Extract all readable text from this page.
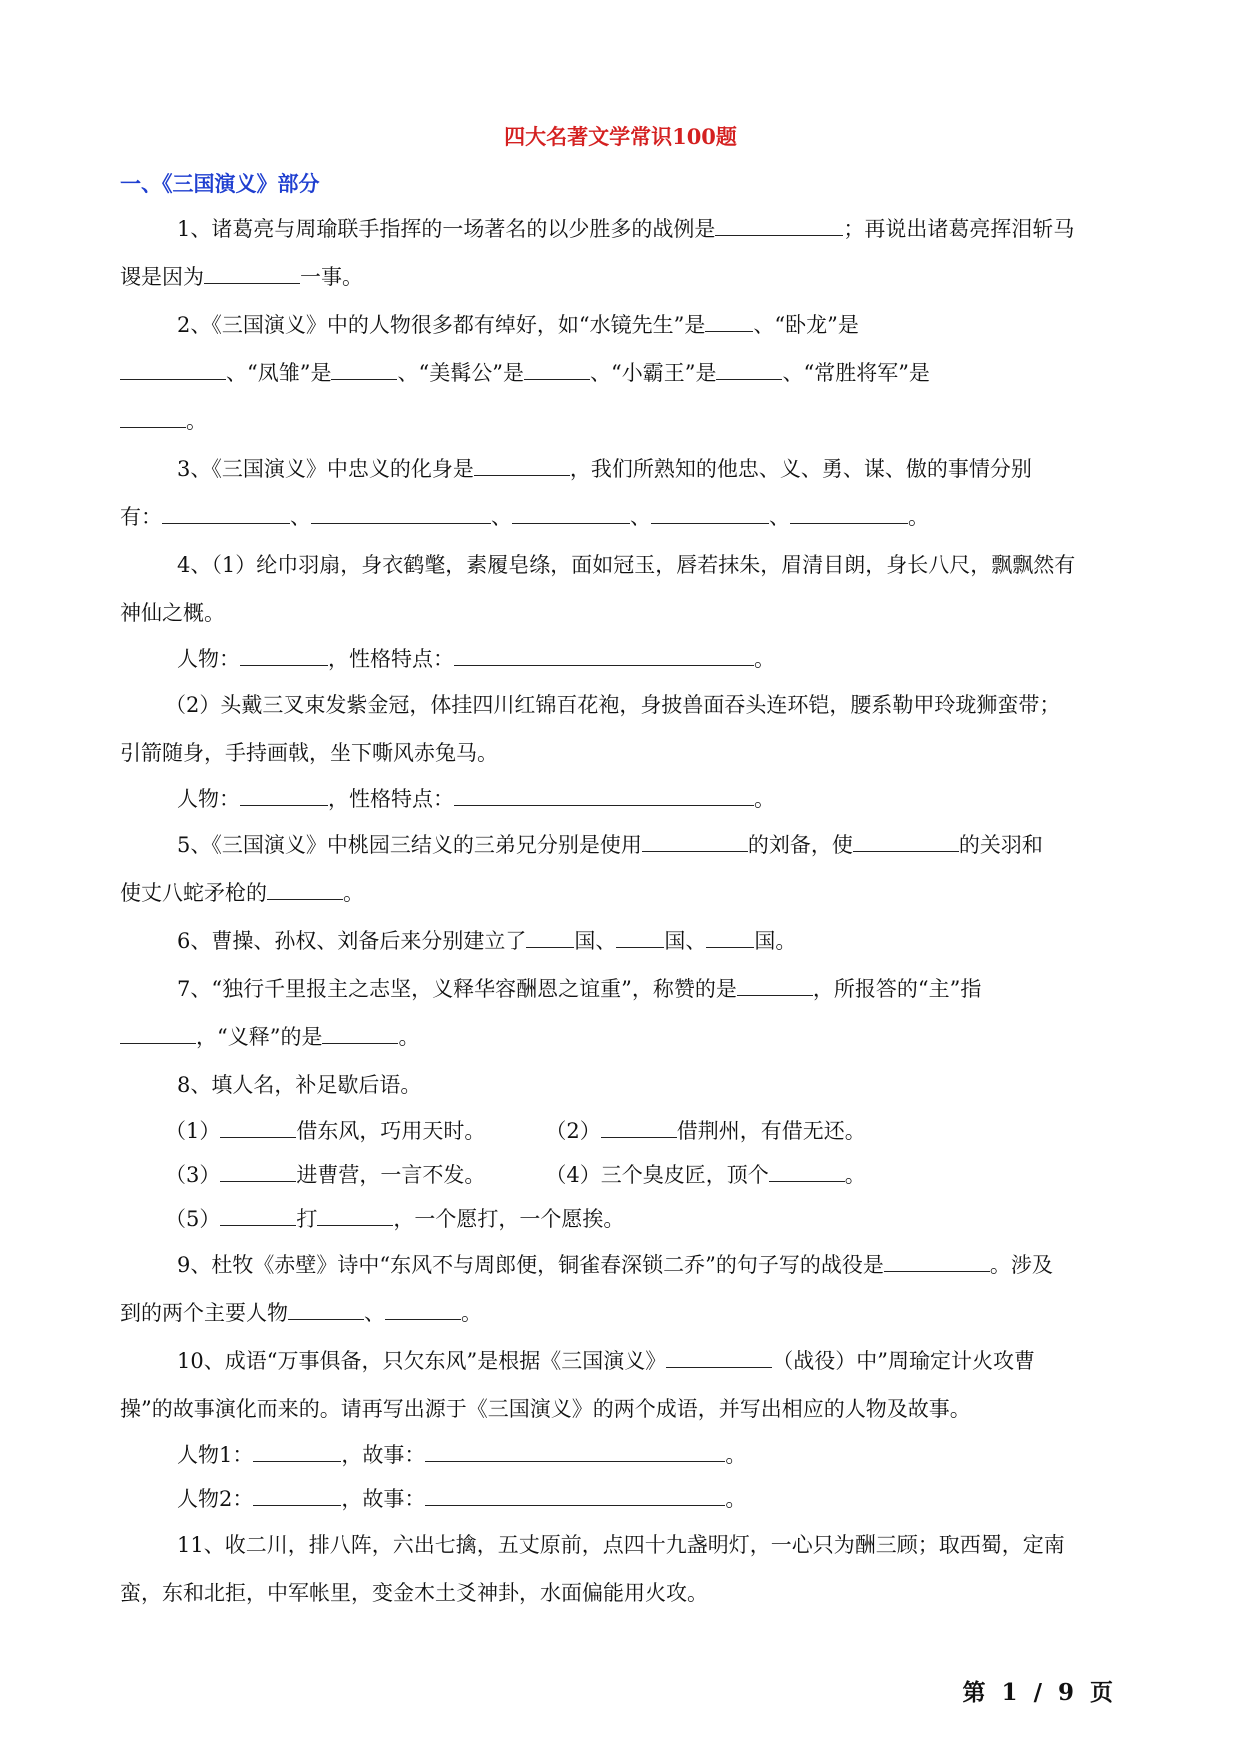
四大名著文学常识100题
一、《三国演义》部分
1、诸葛亮与周瑜联手指挥的一场著名的以少胜多的战例是	；再说出诸葛亮挥泪斩马
谡是因为	一事。
2、《三国演义》中的人物很多都有绰好，如“水镜先生”是 、“卧龙”是
、“凤雏”是	、“美髯公”是	、“小霸王”是	、“常胜将军”是
。
3、《三国演义》中忠义的化身是	，我们所熟知的他忠、义、勇、谋、傲的事情分别
有：	、	、	、	、	。
4、（1）纶巾羽扇，身衣鹤氅，素履皂绦，面如冠玉，唇若抹朱，眉清目朗，身长八尺，飘飘然有
神仙之概。
人物：	，性格特点：	。
（2）头戴三叉束发紫金冠，体挂四川红锦百花袍，身披兽面吞头连环铠，腰系勒甲玲珑狮蛮带；
引箭随身，手持画戟，坐下嘶风赤兔马。
人物：	，性格特点：	。
5、《三国演义》中桃园三结义的三弟兄分别是使用	的刘备，使	的关羽和
使丈八蛇矛枪的	。
6、曹操、孙权、刘备后来分别建立了 国、 国、 国。
7、“独行千里报主之志坚，义释华容酬恩之谊重”，称赞的是	，所报答的“主”指
，“义释”的是	。
8、填人名，补足歇后语。
（1）	借东风，巧用天时。	（2）	借荆州，有借无还。
（3）	进曹营，一言不发。	（4）三个臭皮匠，顶个	。
（5）	打	，一个愿打，一个愿挨。
9、杜牧《赤壁》诗中“东风不与周郎便，铜雀春深锁二乔”的句子写的战役是	。涉及
到的两个主要人物	、	。
10、成语“万事俱备，只欠东风”是根据《三国演义》	（战役）中”周瑜定计火攻曹
操”的故事演化而来的。请再写出源于《三国演义》的两个成语，并写出相应的人物及故事。
人物1：	，故事：	。
人物2：	，故事：	。
11、收二川，排八阵，六出七擒，五丈原前，点四十九盏明灯，一心只为酬三顾；取西蜀，定南
蛮，东和北拒，中军帐里，变金木土爻神卦，水面偏能用火攻。
第  1  /  9  页
